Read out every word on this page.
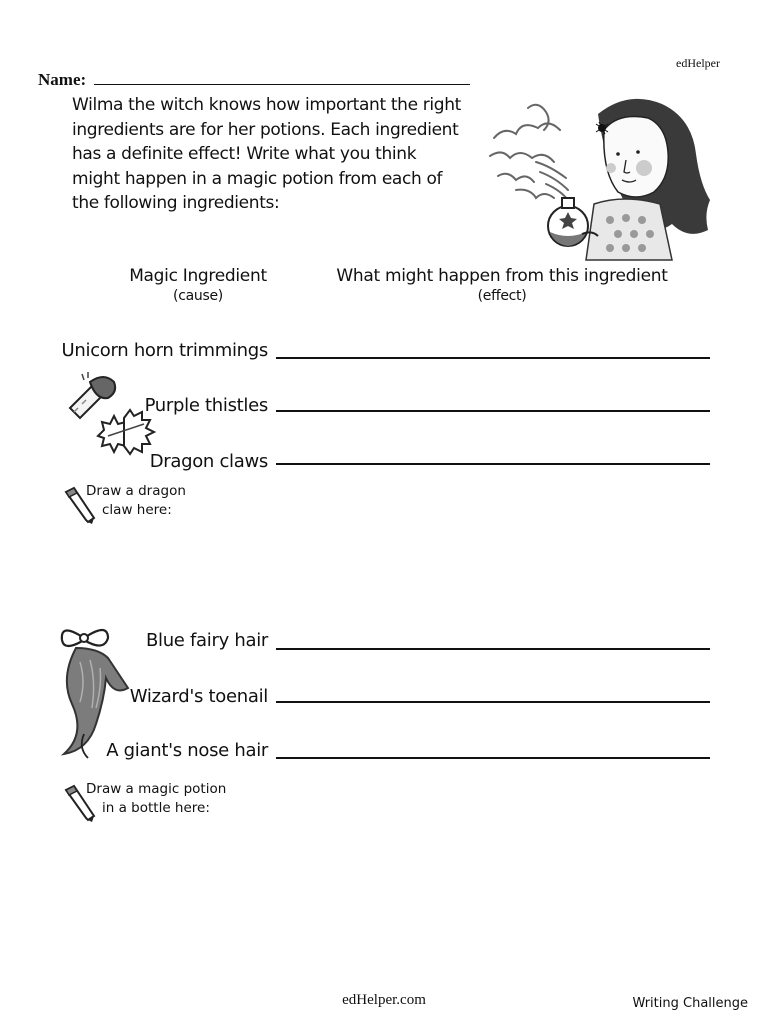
edHelper
Name:
Wilma the witch knows how important the right
ingredients are for her potions. Each ingredient
has a definite effect! Write what you think
might happen in a magic potion from each of
the following ingredients:
Magic Ingredient
(cause)
What might happen from this ingredient
(effect)
Unicorn horn trimmings
Purple thistles
Dragon claws
Draw a dragon
claw here:
Blue fairy hair
Wizard's toenail
A giant's nose hair
Draw a magic potion
in a bottle here:
edHelper.com	Writing Challenge
